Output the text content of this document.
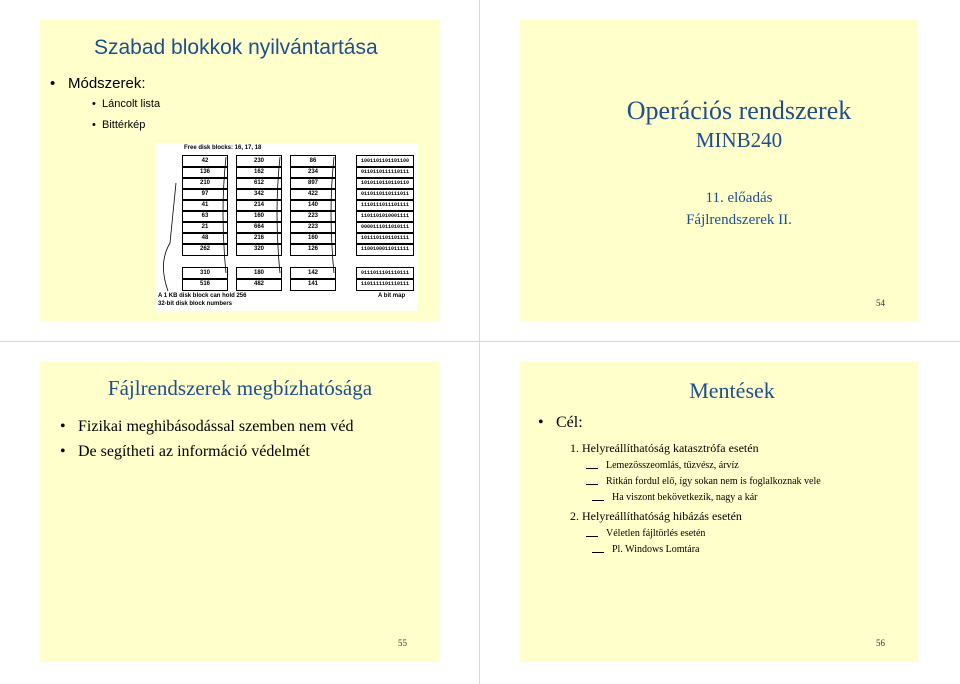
Szabad blokkok nyilvántartása
• Módszerek:
• Láncolt lista
• Bittérkép
Free disk blocks: 16, 17, 18
A 1 KB disk block can hold 256
32-bit disk block numbers
A bit map
42
136
210
97
41
63
21
48
262
230
162
612
342
214
160
664
216
320
86
234
897
422
140
223
223
160
126
310
516
180
482
142
141
1001101101101100
0110110111110111
1010110110110110
0110110110111011
1110111011101111
1101101010001111
0000111011010111
1011101101101111
1100100011011111
0111011101110111
1101111101110111
Operációs rendszerek
MINB240
11. előadás
Fájlrendszerek II.
54
Fájlrendszerek megbízhatósága
• Fizikai meghibásodással szemben nem véd
• De segítheti az információ védelmét
55
Mentések
• Cél:
1. Helyreállíthatóság katasztrófa esetén
Lemezösszeomlás, tűzvész, árvíz
Ritkán fordul elő, így sokan nem is foglalkoznak vele
Ha viszont bekövetkezik, nagy a kár
2. Helyreállíthatóság hibázás esetén
Véletlen fájltörlés esetén
Pl. Windows Lomtára
56
